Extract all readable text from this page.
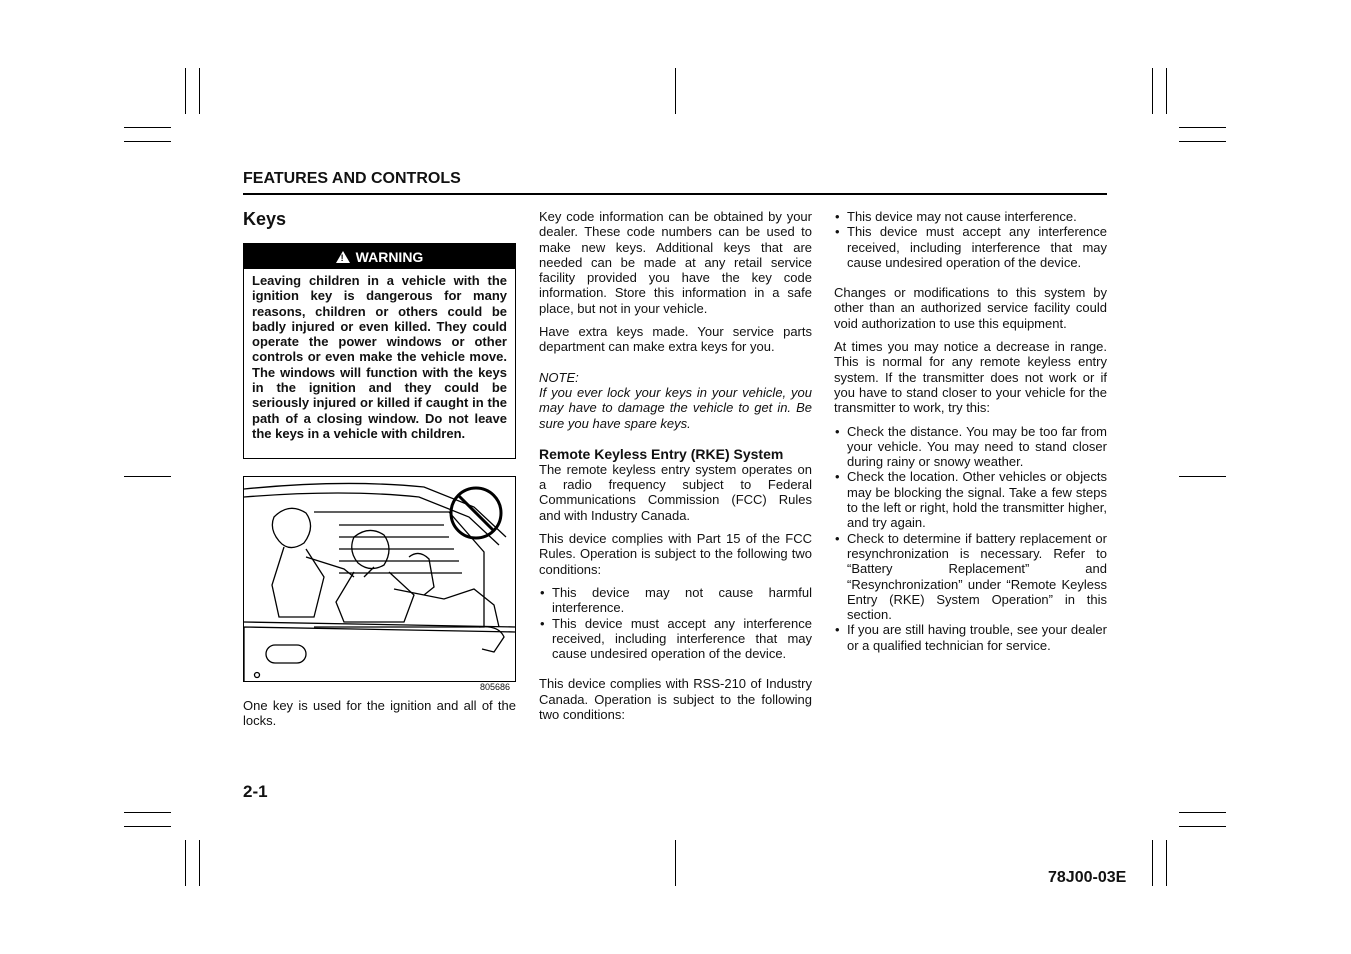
FEATURES AND CONTROLS
Keys
! WARNING
Leaving children in a vehicle with the ignition key is dangerous for many reasons, children or others could be badly injured or even killed. They could operate the power windows or other controls or even make the vehicle move. The windows will function with the keys in the ignition and they could be seriously injured or killed if caught in the path of a closing window. Do not leave the keys in a vehicle with children.
805686

One key is used for the ignition and all of the locks.

Key code information can be obtained by your dealer. These code numbers can be used to make new keys. Additional keys that are needed can be made at any retail service facility provided you have the key code information. Store this information in a safe place, but not in your vehicle.

Have extra keys made. Your service parts department can make extra keys for you.

NOTE:

If you ever lock your keys in your vehicle, you may have to damage the vehicle to get in. Be sure you have spare keys.

Remote Keyless Entry (RKE) System

The remote keyless entry system operates on a radio frequency subject to Federal Communications Commission (FCC) Rules and with Industry Canada.

This device complies with Part 15 of the FCC Rules. Operation is subject to the following two conditions:

• This device may not cause harmful interference.
• This device must accept any interference received, including interference that may cause undesired operation of the device.

This device complies with RSS-210 of Industry Canada. Operation is subject to the following two conditions:

• This device may not cause interference.
• This device must accept any interference received, including interference that may cause undesired operation of the device.

Changes or modifications to this system by other than an authorized service facility could void authorization to use this equipment.

At times you may notice a decrease in range. This is normal for any remote keyless entry system. If the transmitter does not work or if you have to stand closer to your vehicle for the transmitter to work, try this:

• Check the distance. You may be too far from your vehicle. You may need to stand closer during rainy or snowy weather.
• Check the location. Other vehicles or objects may be blocking the signal. Take a few steps to the left or right, hold the transmitter higher, and try again.
• Check to determine if battery replacement or resynchronization is necessary. Refer to “Battery Replacement” and “Resynchronization” under “Remote Keyless Entry (RKE) System Operation” in this section.
• If you are still having trouble, see your dealer or a qualified technician for service.
2-1
78J00-03E
